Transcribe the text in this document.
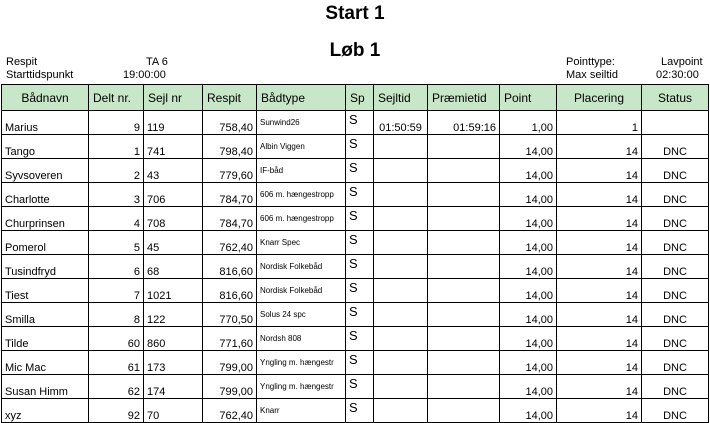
Start 1
Løb 1
Respit	TA 6
Starttidspunkt	19:00:00
Pointtype:	Lavpoint
Max seiltid	02:30:00
Bådnavn	Delt nr.	Sejl nr	Respit	Bådtype	Sp	Sejltid	Præmietid	Point	Placering	Status
Marius	9	119	758,40	Sunwind26	S	01:50:59	01:59:16	1,00	1	
Tango	1	741	798,40	Albin Viggen	S			14,00	14	DNC
Syvsoveren	2	43	779,60	IF-båd	S			14,00	14	DNC
Charlotte	3	706	784,70	606 m. hængestropp	S			14,00	14	DNC
Churprinsen	4	708	784,70	606 m. hængestropp	S			14,00	14	DNC
Pomerol	5	45	762,40	Knarr Spec	S			14,00	14	DNC
Tusindfryd	6	68	816,60	Nordisk Folkebåd	S			14,00	14	DNC
Tiest	7	1021	816,60	Nordisk Folkebåd	S			14,00	14	DNC
Smilla	8	122	770,50	Solus 24 spc	S			14,00	14	DNC
Tilde	60	860	771,60	Nordsh 808	S			14,00	14	DNC
Mic Mac	61	173	799,00	Yngling m. hængestr	S			14,00	14	DNC
Susan Himm	62	174	799,00	Yngling m. hængestr	S			14,00	14	DNC
xyz	92	70	762,40	Knarr	S			14,00	14	DNC
